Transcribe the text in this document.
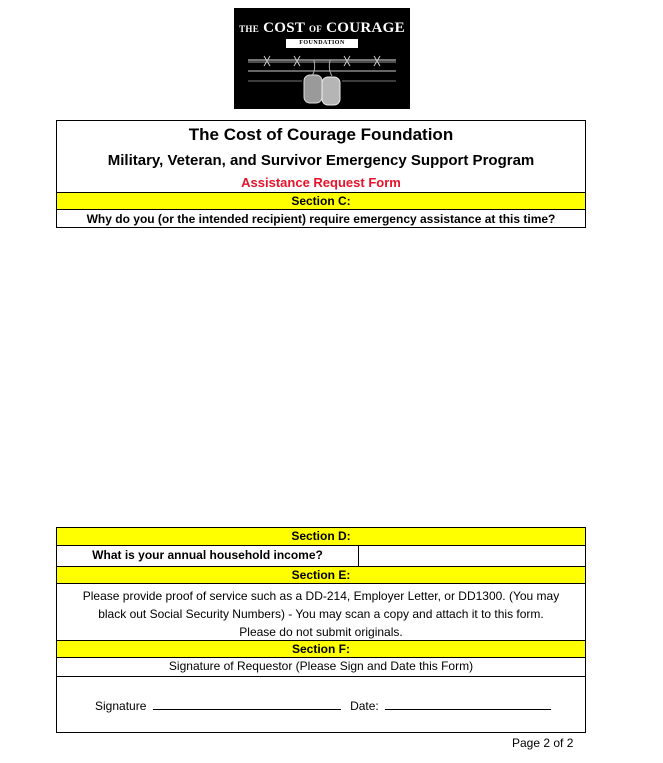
THE COST OF COURAGE
FOUNDATION
The Cost of Courage Foundation
Military, Veteran, and Survivor Emergency Support Program
Assistance Request Form
Section C:
Why do you (or the intended recipient) require emergency assistance at this time?
Section D:
What is your annual household income?
Section E:
Please provide proof of service such as a DD-214, Employer Letter, or DD1300. (You may
black out Social Security Numbers) - You may scan a copy and attach it to this form.
Please do not submit originals.
Section F:
Signature of Requestor (Please Sign and Date this Form)
Signature	Date:
Page 2 of 2
